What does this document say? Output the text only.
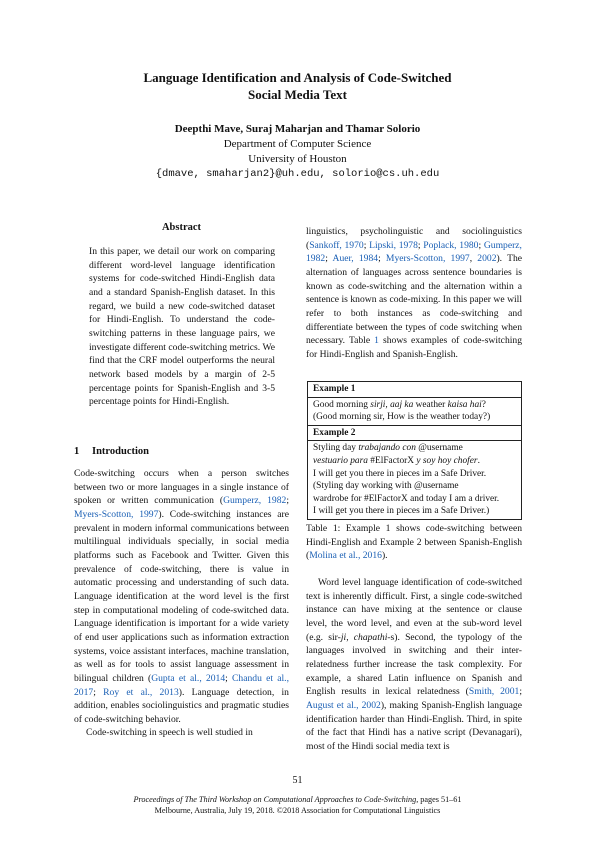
Language Identification and Analysis of Code-Switched
Social Media Text
Deepthi Mave, Suraj Maharjan and Thamar Solorio
Department of Computer Science
University of Houston
{dmave, smaharjan2}@uh.edu, solorio@cs.uh.edu
Abstract
In this paper, we detail our work on comparing different word-level language identification systems for code-switched Hindi-English data and a standard Spanish-English dataset. In this regard, we build a new code-switched dataset for Hindi-English. To understand the code-switching patterns in these language pairs, we investigate different code-switching metrics. We find that the CRF model outperforms the neural network based models by a margin of 2-5 percentage points for Spanish-English and 3-5 percentage points for Hindi-English.
1 Introduction
Code-switching occurs when a person switches between two or more languages in a single instance of spoken or written communication (Gumperz, 1982; Myers-Scotton, 1997). Code-switching instances are prevalent in modern informal communications between multilingual individuals specially, in social media platforms such as Facebook and Twitter. Given this prevalence of code-switching, there is value in automatic processing and understanding of such data. Language identification at the word level is the first step in computational modeling of code-switched data. Language identification is important for a wide variety of end user applications such as information extraction systems, voice assistant interfaces, machine translation, as well as for tools to assist language assessment in bilingual children (Gupta et al., 2014; Chandu et al., 2017; Roy et al., 2013). Language detection, in addition, enables sociolinguistics and pragmatic studies of code-switching behavior.
Code-switching in speech is well studied in
linguistics, psycholinguistic and sociolinguistics (Sankoff, 1970; Lipski, 1978; Poplack, 1980; Gumperz, 1982; Auer, 1984; Myers-Scotton, 1997, 2002). The alternation of languages across sentence boundaries is known as code-switching and the alternation within a sentence is known as code-mixing. In this paper we will refer to both instances as code-switching and differentiate between the types of code switching when necessary. Table 1 shows examples of code-switching for Hindi-English and Spanish-English.
Example 1

Good morning sirji, aaj ka weather kaisa hai?
(Good morning sir, How is the weather today?)

Example 2

Styling day trabajando con @username
vestuario para #ElFactorX y soy hoy chofer.
I will get you there in pieces im a Safe Driver.
(Styling day working with @username
wardrobe for #ElFactorX and today I am a driver.
I will get you there in pieces im a Safe Driver.)
Table 1: Example 1 shows code-switching between Hindi-English and Example 2 between Spanish-English (Molina et al., 2016).
Word level language identification of code-switched text is inherently difficult. First, a single code-switched instance can have mixing at the sentence or clause level, the word level, and even at the sub-word level (e.g. sir-ji, chapathi-s). Second, the typology of the languages involved in switching and their inter-relatedness further increase the task complexity. For example, a shared Latin influence on Spanish and English results in lexical relatedness (Smith, 2001; August et al., 2002), making Spanish-English language identification harder than Hindi-English. Third, in spite of the fact that Hindi has a native script (Devanagari), most of the Hindi social media text is
51
Proceedings of The Third Workshop on Computational Approaches to Code-Switching, pages 51–61
Melbourne, Australia, July 19, 2018. ©2018 Association for Computational Linguistics
